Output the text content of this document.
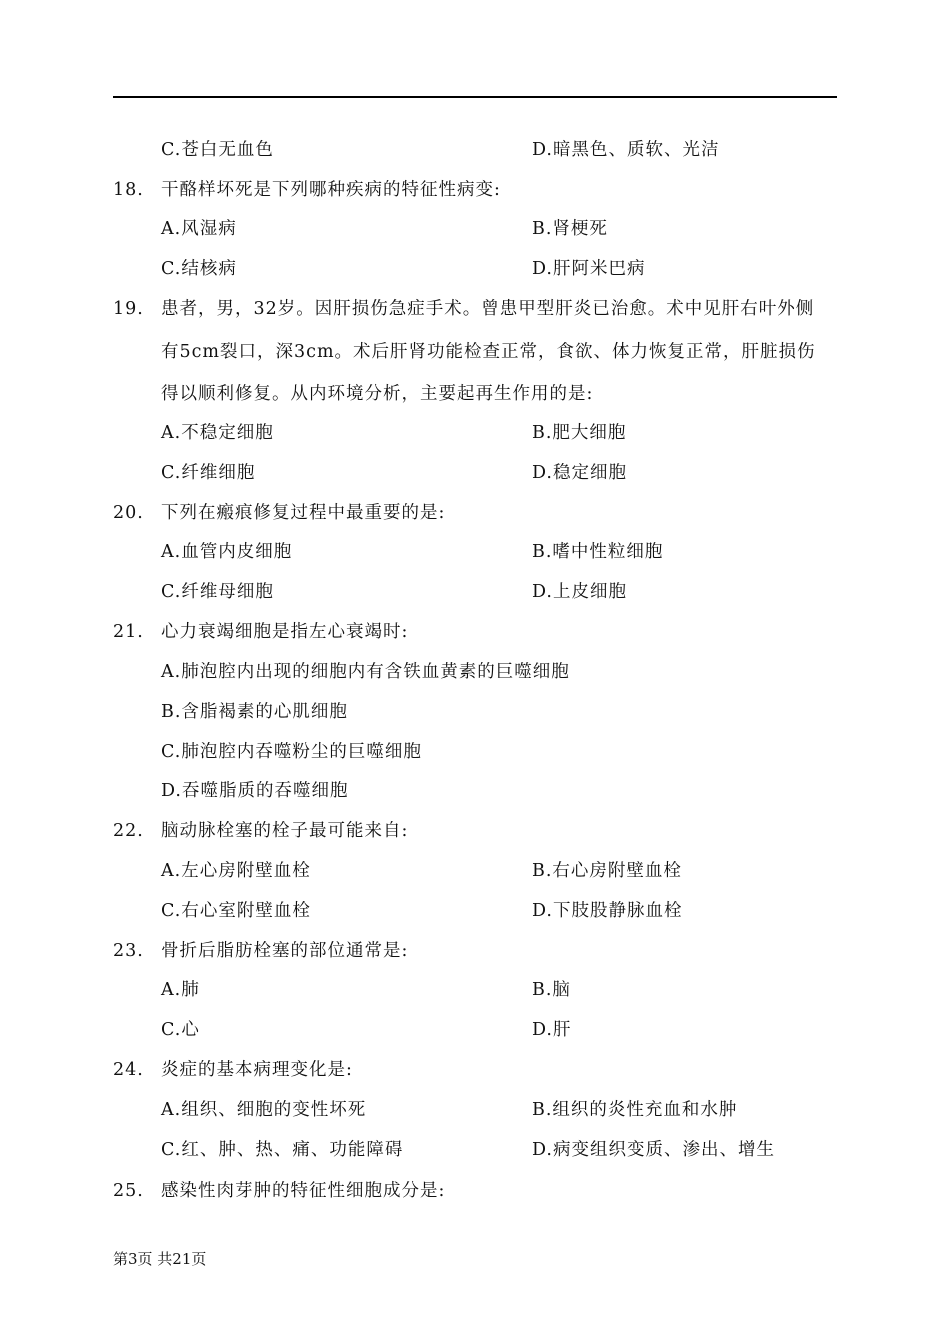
C.苍白无血色	D.暗黑色、质软、光洁
18. 干酪样坏死是下列哪种疾病的特征性病变:
A.风湿病	B.肾梗死
C.结核病	D.肝阿米巴病
19. 患者，男，32岁。因肝损伤急症手术。曾患甲型肝炎已治愈。术中见肝右叶外侧
有5cm裂口，深3cm。术后肝肾功能检查正常，食欲、体力恢复正常，肝脏损伤
得以顺利修复。从内环境分析，主要起再生作用的是:
A.不稳定细胞	B.肥大细胞
C.纤维细胞	D.稳定细胞
20. 下列在瘢痕修复过程中最重要的是:
A.血管内皮细胞	B.嗜中性粒细胞
C.纤维母细胞	D.上皮细胞
21. 心力衰竭细胞是指左心衰竭时:
A.肺泡腔内出现的细胞内有含铁血黄素的巨噬细胞
B.含脂褐素的心肌细胞
C.肺泡腔内吞噬粉尘的巨噬细胞
D.吞噬脂质的吞噬细胞
22. 脑动脉栓塞的栓子最可能来自:
A.左心房附壁血栓	B.右心房附壁血栓
C.右心室附壁血栓	D.下肢股静脉血栓
23. 骨折后脂肪栓塞的部位通常是:
A.肺	B.脑
C.心	D.肝
24. 炎症的基本病理变化是:
A.组织、细胞的变性坏死	B.组织的炎性充血和水肿
C.红、肿、热、痛、功能障碍	D.病变组织变质、渗出、增生
25. 感染性肉芽肿的特征性细胞成分是:
第3页 共21页
